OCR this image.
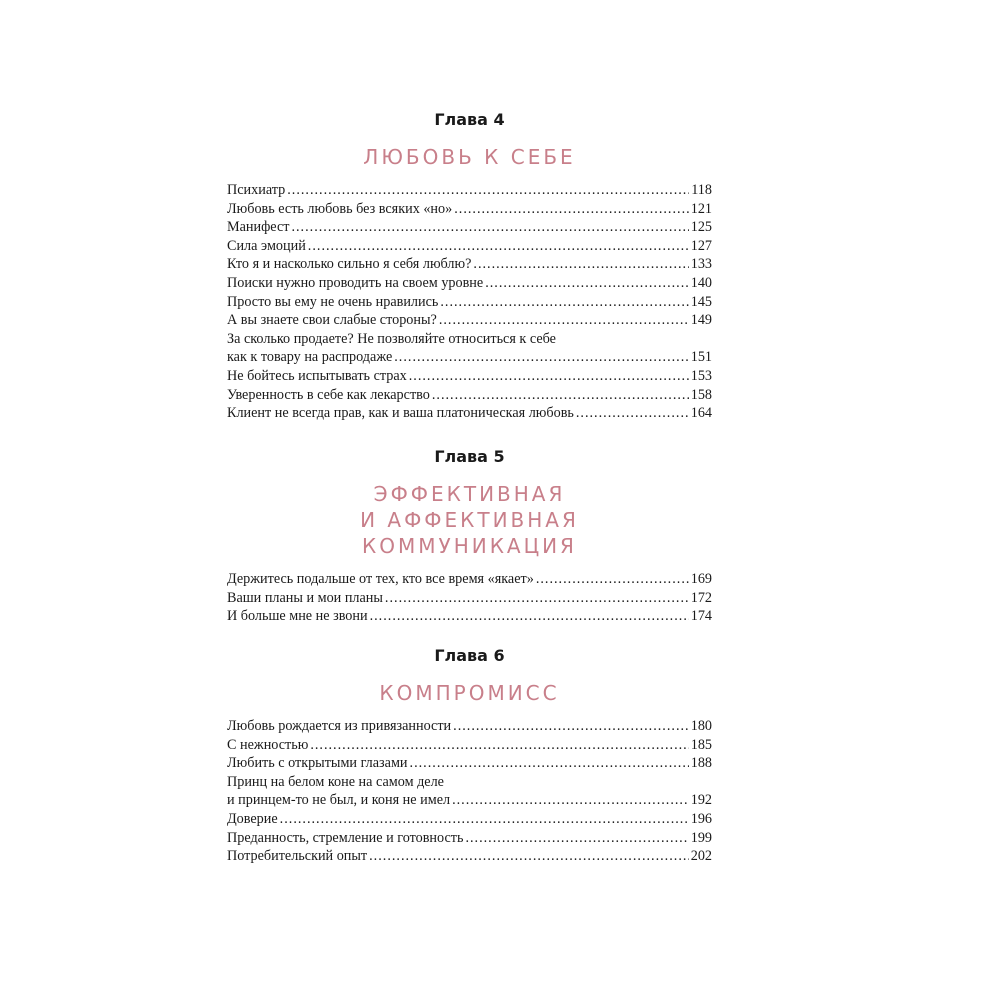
Глава 4
ЛЮБОВЬ К СЕБЕ
Психиатр .....	118
Любовь есть любовь без всяких «но» .....	121
Манифест .....	125
Сила эмоций .....	127
Кто я и насколько сильно я себя люблю? .....	133
Поиски нужно проводить на своем уровне .....	140
Просто вы ему не очень нравились .....	145
А вы знаете свои слабые стороны? .....	149
За сколько продаете? Не позволяйте относиться к себе
как к товару на распродаже .....	151
Не бойтесь испытывать страх .....	153
Уверенность в себе как лекарство .....	158
Клиент не всегда прав, как и ваша платоническая любовь .....	164
Глава 5
ЭФФЕКТИВНАЯ
И АФФЕКТИВНАЯ
КОММУНИКАЦИЯ
Держитесь подальше от тех, кто все время «якает» .....	169
Ваши планы и мои планы .....	172
И больше мне не звони .....	174
Глава 6
КОМПРОМИСС
Любовь рождается из привязанности .....	180
С нежностью .....	185
Любить с открытыми глазами .....	188
Принц на белом коне на самом деле
и принцем-то не был, и коня не имел .....	192
Доверие .....	196
Преданность, стремление и готовность .....	199
Потребительский опыт .....	202
